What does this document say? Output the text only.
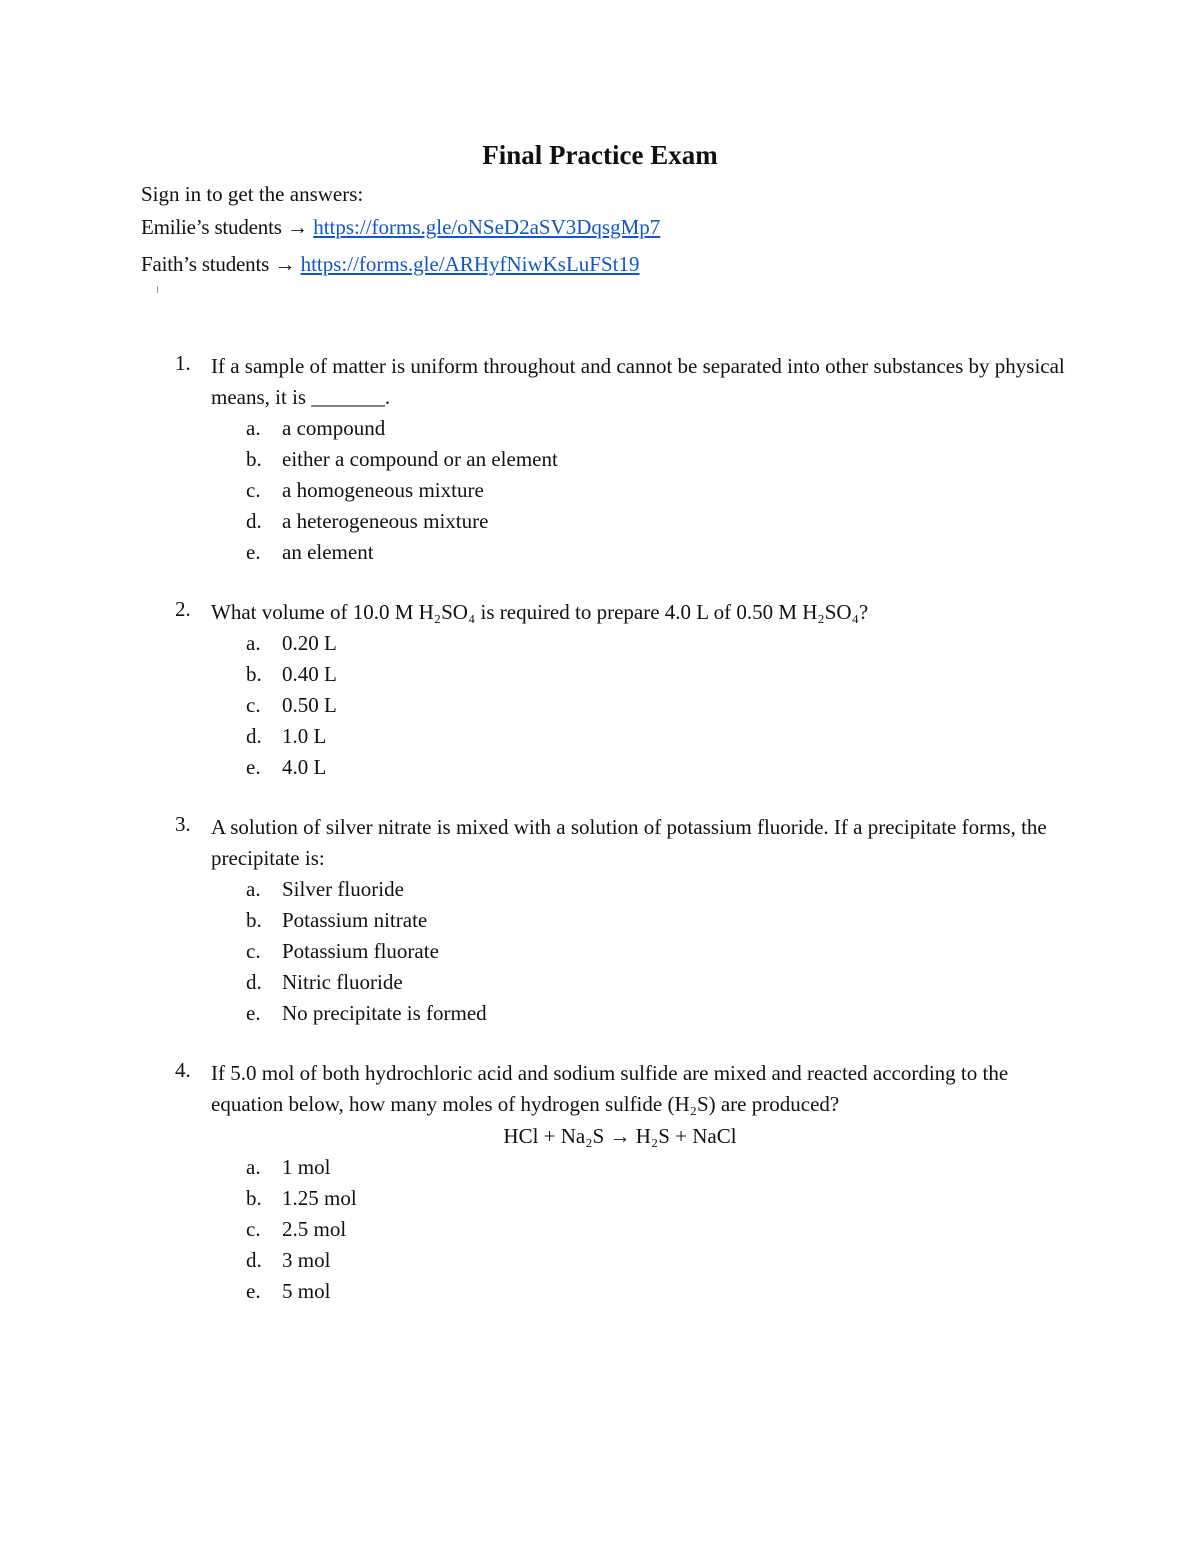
Final Practice Exam
Sign in to get the answers:
Emilie’s students → https://forms.gle/oNSeD2aSV3DqsgMp7
Faith’s students → https://forms.gle/ARHyfNiwKsLuFSt19
1. If a sample of matter is uniform throughout and cannot be separated into other substances by physical means, it is _______.
a. a compound
b. either a compound or an element
c. a homogeneous mixture
d. a heterogeneous mixture
e. an element
2. What volume of 10.0 M H₂SO₄ is required to prepare 4.0 L of 0.50 M H₂SO₄?
a. 0.20 L
b. 0.40 L
c. 0.50 L
d. 1.0 L
e. 4.0 L
3. A solution of silver nitrate is mixed with a solution of potassium fluoride. If a precipitate forms, the precipitate is:
a. Silver fluoride
b. Potassium nitrate
c. Potassium fluorate
d. Nitric fluoride
e. No precipitate is formed
4. If 5.0 mol of both hydrochloric acid and sodium sulfide are mixed and reacted according to the equation below, how many moles of hydrogen sulfide (H₂S) are produced?
HCl + Na₂S → H₂S + NaCl
a. 1 mol
b. 1.25 mol
c. 2.5 mol
d. 3 mol
e. 5 mol
